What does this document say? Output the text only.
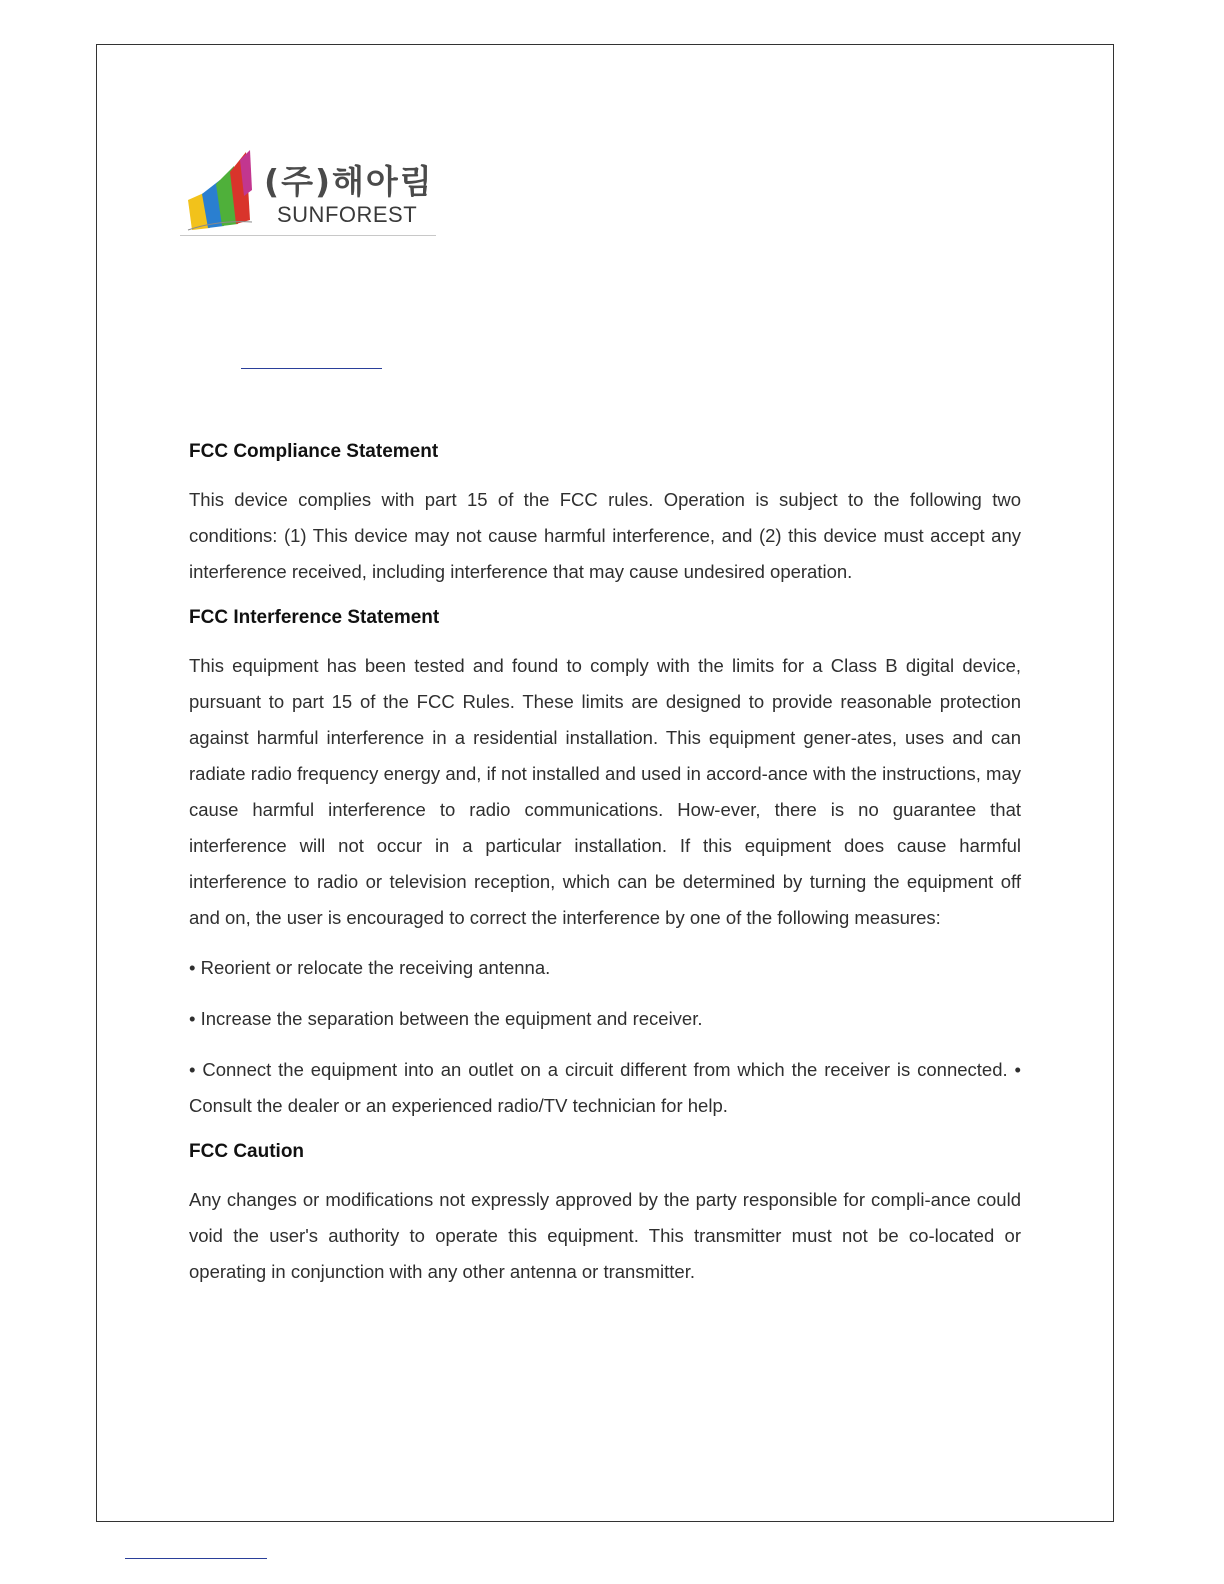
(주)해아림
SUNFOREST
FCC Compliance Statement

This device complies with part 15 of the FCC rules. Operation is subject to the following two conditions: (1) This device may not cause harmful interference, and (2) this device must accept any interference received, including interference that may cause undesired operation.

FCC Interference Statement

This equipment has been tested and found to comply with the limits for a Class B digital device, pursuant to part 15 of the FCC Rules. These limits are designed to provide reasonable protection against harmful interference in a residential installation. This equipment gener-ates, uses and can radiate radio frequency energy and, if not installed and used in accord-ance with the instructions, may cause harmful interference to radio communications. How-ever, there is no guarantee that interference will not occur in a particular installation. If this equipment does cause harmful interference to radio or television reception, which can be determined by turning the equipment off and on, the user is encouraged to correct the interference by one of the following measures:

• Reorient or relocate the receiving antenna.

• Increase the separation between the equipment and receiver.

• Connect the equipment into an outlet on a circuit different from which the receiver is connected. • Consult the dealer or an experienced radio/TV technician for help.

FCC Caution

Any changes or modifications not expressly approved by the party responsible for compli-ance could void the user's authority to operate this equipment. This transmitter must not be co-located or operating in conjunction with any other antenna or transmitter.
